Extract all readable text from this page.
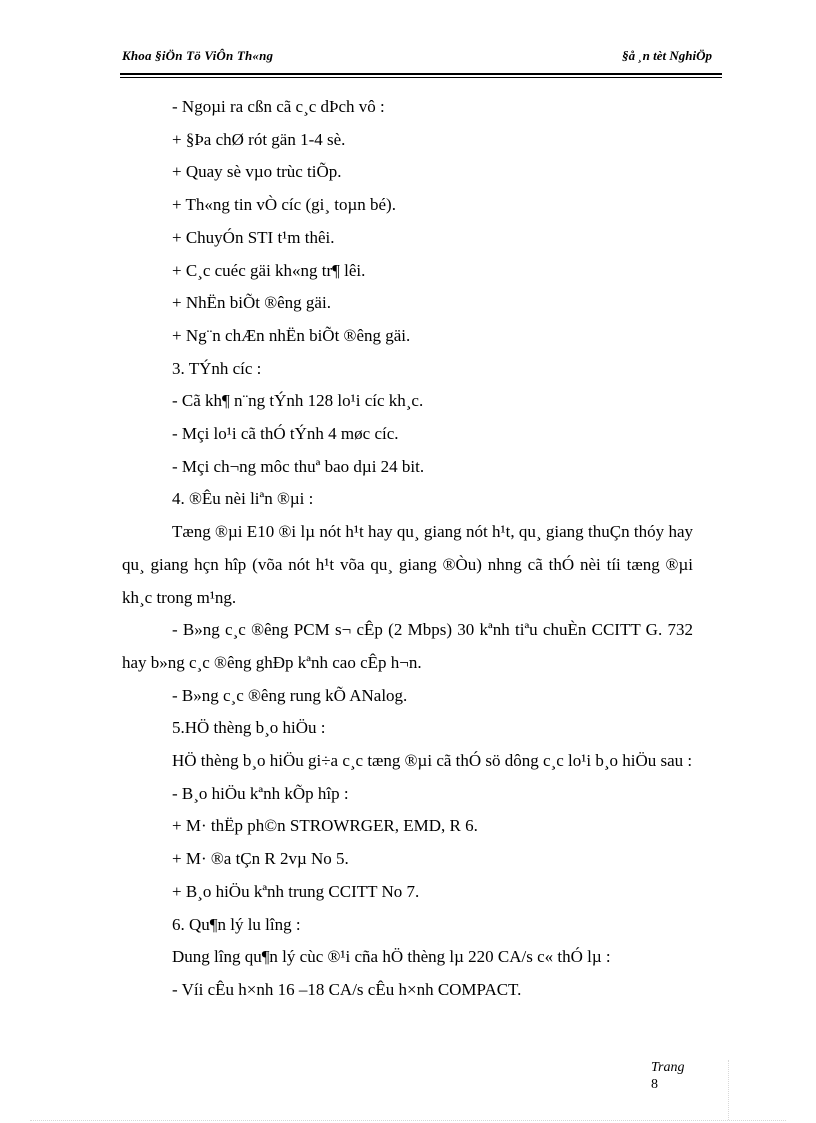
Khoa §iÖn Tö ViÔn Th«ng	§å ¸n tèt NghiÖp

- Ngoµi ra cßn cã c¸c dÞch vô :

+ §Þa chØ rót gän 1-4 sè.

+ Quay sè vµo trùc tiÕp.

+ Th«ng tin vÒ cíc (gi¸ toµn bé).

+ ChuyÓn STI t¹m thêi.

+ C¸c cuéc gäi kh«ng tr¶ lêi.

+ NhËn biÕt ®êng gäi.

+ Ng¨n chÆn nhËn biÕt ®êng gäi.

3. TÝnh cíc :

- Cã kh¶ n¨ng tÝnh 128 lo¹i cíc kh¸c.

- Mçi lo¹i cã thÓ tÝnh 4 møc cíc.

- Mçi ch¬ng môc thuª bao dµi 24 bit.

4. ®Êu nèi liªn ®µi :

Tæng ®µi E10 ®i lµ nót h¹t hay qu¸ giang nót h¹t, qu¸ giang thuÇn thóy hay qu¸ giang hçn hîp (võa nót h¹t võa qu¸ giang ®Òu) nhng cã thÓ nèi tíi tæng ®µi kh¸c trong m¹ng.

- B»ng c¸c ®êng PCM s¬ cÊp (2 Mbps) 30 kªnh tiªu chuÈn CCITT G. 732 hay b»ng c¸c ®êng ghÐp kªnh cao cÊp h¬n.

- B»ng c¸c ®êng rung kÕ ANalog.

5.HÖ thèng b¸o hiÖu :

HÖ thèng b¸o hiÖu gi÷a c¸c tæng ®µi cã thÓ sö dông c¸c lo¹i b¸o hiÖu sau :

- B¸o hiÖu kªnh kÕp hîp :

+ M· thËp ph©n STROWRGER, EMD, R 6.

+ M· ®a tÇn R 2vµ No 5.

+ B¸o hiÖu kªnh trung CCITT No 7.

6. Qu¶n lý lu lîng :

Dung lîng qu¶n lý cùc ®¹i cña hÖ thèng lµ 220 CA/s c« thÓ lµ :

- Víi cÊu h×nh 16 –18 CA/s cÊu h×nh COMPACT.

Trang
8
